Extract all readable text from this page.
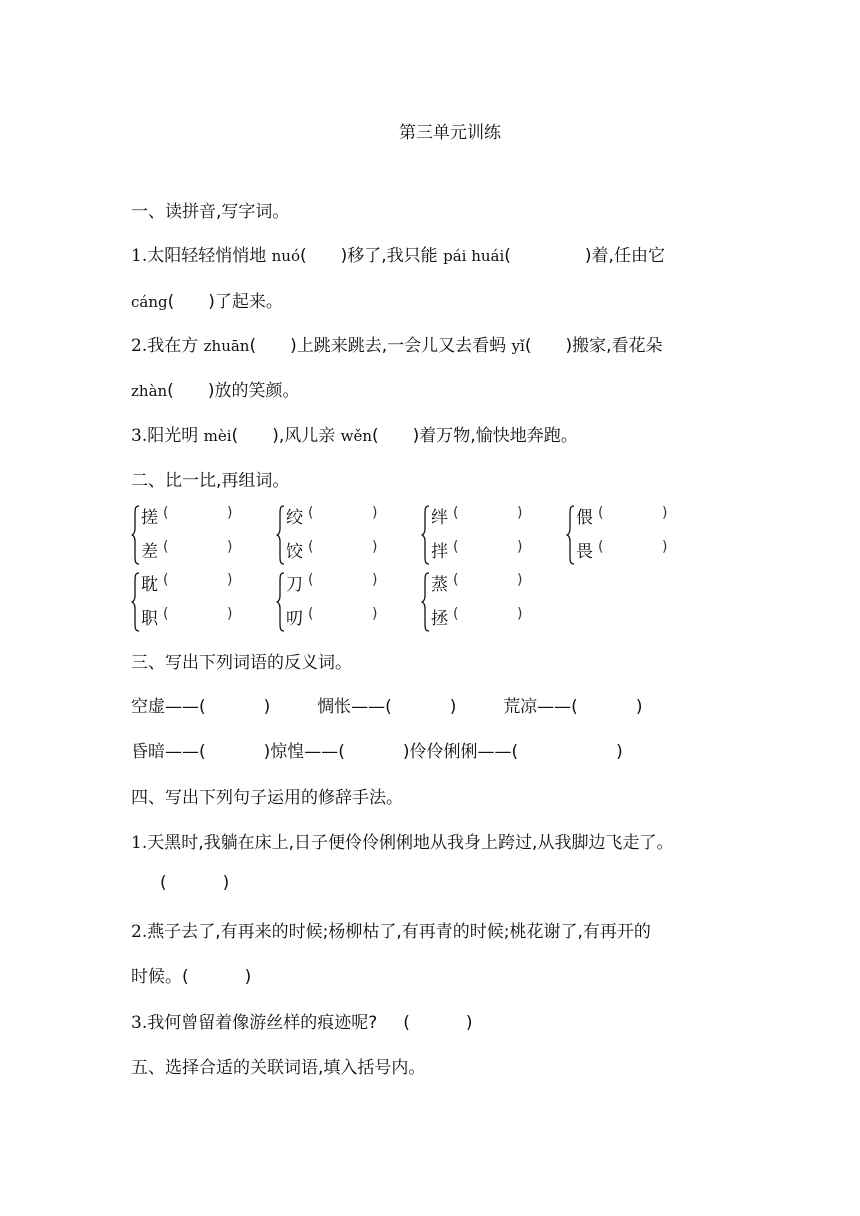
第三单元训练
一、读拼音,写字词。
1.太阳轻轻悄悄地 nuó( )移了,我只能 pái huái(	)着,任由它
cáng( )了起来。
2.我在方 zhuān( )上跳来跳去,一会儿又去看蚂 yǐ( )搬家,看花朵
zhàn( )放的笑颜。
3.阳光明 mèi( ),风儿亲 wěn( )着万物,愉快地奔跑。
二、比一比,再组词。
搓 (	)
差 (	)
绞 (	)
饺 (	)
绊 (	)
拌 (	)
偎 (	)
畏 (	)
耽 (	)
职 (	)
刀 (	)
叨 (	)
蒸 (	)
拯 (	)
三、写出下列词语的反义词。
空虚——(	)	惆怅——(	)	荒凉——(	)
昏暗——(	)惊惶——(	)伶伶俐俐——(	)
四、写出下列句子运用的修辞手法。
1.天黑时,我躺在床上,日子便伶伶俐俐地从我身上跨过,从我脚边飞走了。
(	)
2.燕子去了,有再来的时候;杨柳枯了,有再青的时候;桃花谢了,有再开的
时候。(	)
3.我何曾留着像游丝样的痕迹呢? (	)
五、选择合适的关联词语,填入括号内。
